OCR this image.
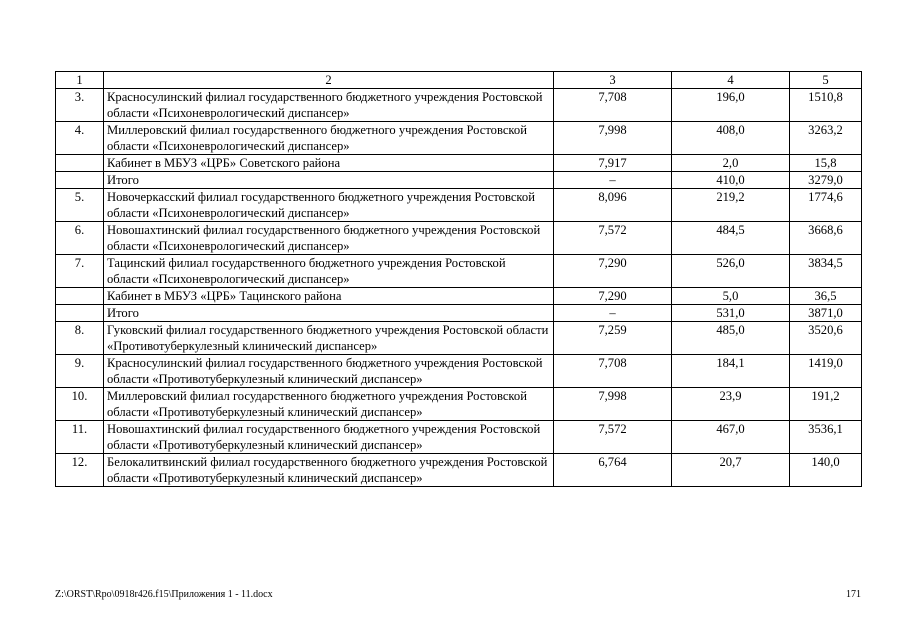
1	2	3	4	5
3.	Красносулинский филиал государственного бюджетного учреждения Ростовской области «Психоневрологический диспансер»	7,708	196,0	1510,8
4.	Миллеровский филиал государственного бюджетного учреждения Ростовской области «Психоневрологический диспансер»	7,998	408,0	3263,2
	Кабинет в МБУЗ «ЦРБ» Советского района	7,917	2,0	15,8
	Итого	–	410,0	3279,0
5.	Новочеркасский филиал государственного бюджетного учреждения Ростовской области «Психоневрологический диспансер»	8,096	219,2	1774,6
6.	Новошахтинский филиал государственного бюджетного учреждения Ростовской области «Психоневрологический диспансер»	7,572	484,5	3668,6
7.	Тацинский филиал государственного бюджетного учреждения Ростовской области «Психоневрологический диспансер»	7,290	526,0	3834,5
	Кабинет в МБУЗ «ЦРБ» Тацинского района	7,290	5,0	36,5
	Итого	–	531,0	3871,0
8.	Гуковский филиал государственного бюджетного учреждения Ростовской области «Противотуберкулезный клинический диспансер»	7,259	485,0	3520,6
9.	Красносулинский филиал государственного бюджетного учреждения Ростовской области «Противотуберкулезный клинический диспансер»	7,708	184,1	1419,0
10.	Миллеровский филиал государственного бюджетного учреждения Ростовской области «Противотуберкулезный клинический диспансер»	7,998	23,9	191,2
11.	Новошахтинский филиал государственного бюджетного учреждения Ростовской области «Противотуберкулезный клинический диспансер»	7,572	467,0	3536,1
12.	Белокалитвинский филиал государственного бюджетного учреждения Ростовской области «Противотуберкулезный клинический диспансер»	6,764	20,7	140,0
Z:\ORST\Rpo\0918r426.f15\Приложения 1 - 11.docx	171
